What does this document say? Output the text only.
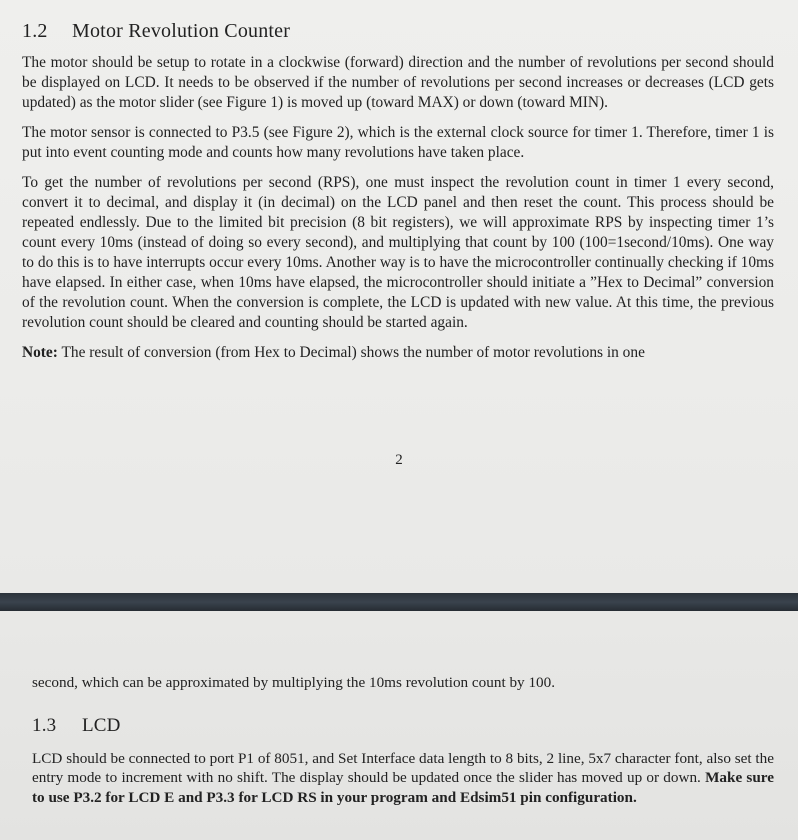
1.2 Motor Revolution Counter

The motor should be setup to rotate in a clockwise (forward) direction and the number of revolutions per second should be displayed on LCD. It needs to be observed if the number of revolutions per second increases or decreases (LCD gets updated) as the motor slider (see Figure 1) is moved up (toward MAX) or down (toward MIN).

The motor sensor is connected to P3.5 (see Figure 2), which is the external clock source for timer 1. Therefore, timer 1 is put into event counting mode and counts how many revolutions have taken place.

To get the number of revolutions per second (RPS), one must inspect the revolution count in timer 1 every second, convert it to decimal, and display it (in decimal) on the LCD panel and then reset the count. This process should be repeated endlessly. Due to the limited bit precision (8 bit registers), we will approximate RPS by inspecting timer 1’s count every 10ms (instead of doing so every second), and multiplying that count by 100 (100=1second/10ms). One way to do this is to have interrupts occur every 10ms. Another way is to have the microcontroller continually checking if 10ms have elapsed. In either case, when 10ms have elapsed, the microcontroller should initiate a ”Hex to Decimal” conversion of the revolution count. When the conversion is complete, the LCD is updated with new value. At this time, the previous revolution count should be cleared and counting should be started again.

Note: The result of conversion (from Hex to Decimal) shows the number of motor revolutions in one

2

second, which can be approximated by multiplying the 10ms revolution count by 100.

1.3 LCD

LCD should be connected to port P1 of 8051, and Set Interface data length to 8 bits, 2 line, 5x7 character font, also set the entry mode to increment with no shift. The display should be updated once the slider has moved up or down. Make sure to use P3.2 for LCD E and P3.3 for LCD RS in your program and Edsim51 pin configuration.
